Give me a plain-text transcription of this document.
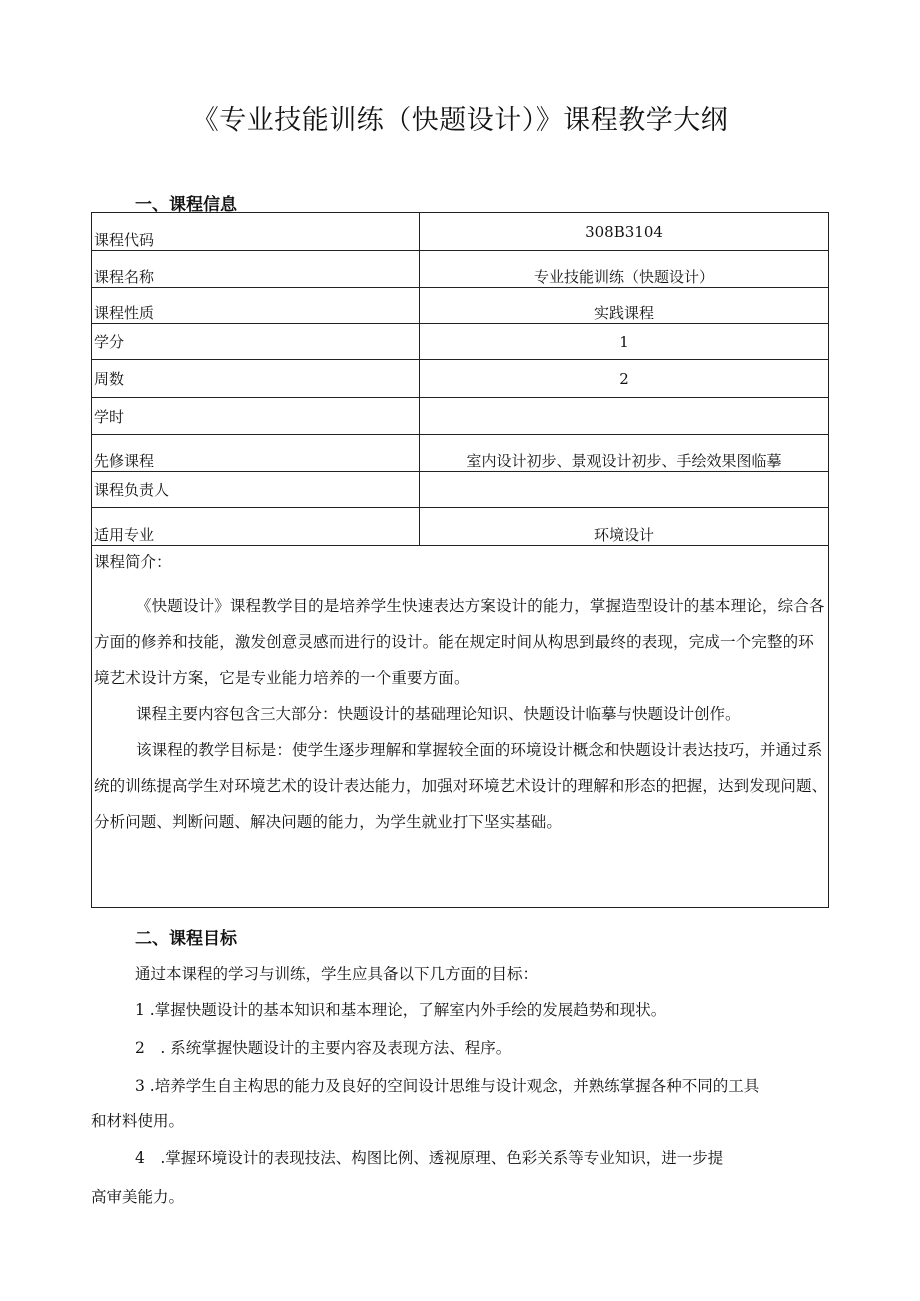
《专业技能训练（快题设计）》课程教学大纲
一、课程信息
课程代码	308B3104
课程名称	专业技能训练（快题设计）
课程性质	实践课程
学分	1
周数	2
学时	
先修课程	室内设计初步、景观设计初步、手绘效果图临摹
课程负责人	
适用专业	环境设计
课程简介：

《快题设计》课程教学目的是培养学生快速表达方案设计的能力，掌握造型设计的基本理论，综合各方面的修养和技能，激发创意灵感而进行的设计。能在规定时间从构思到最终的表现，完成一个完整的环境艺术设计方案，它是专业能力培养的一个重要方面。

课程主要内容包含三大部分：快题设计的基础理论知识、快题设计临摹与快题设计创作。

该课程的教学目标是：使学生逐步理解和掌握较全面的环境设计概念和快题设计表达技巧，并通过系统的训练提高学生对环境艺术的设计表达能力，加强对环境艺术设计的理解和形态的把握，达到发现问题、分析问题、判断问题、解决问题的能力，为学生就业打下坚实基础。

二、课程目标
通过本课程的学习与训练，学生应具备以下几方面的目标：
1 .掌握快题设计的基本知识和基本理论，了解室内外手绘的发展趋势和现状。
2　. 系统掌握快题设计的主要内容及表现方法、程序。
3 .培养学生自主构思的能力及良好的空间设计思维与设计观念，并熟练掌握各种不同的工具
和材料使用。
4　.掌握环境设计的表现技法、构图比例、透视原理、色彩关系等专业知识，进一步提
高审美能力。
